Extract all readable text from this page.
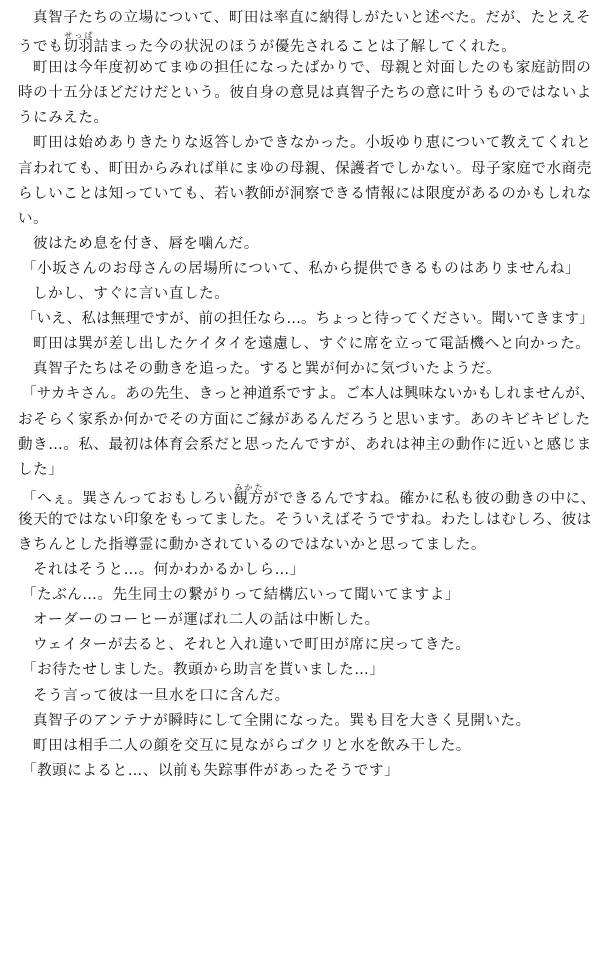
真智子たちの立場について、町田は率直に納得しがたいと述べた。だが、たとえそ
うでも切羽せっぱ詰まった今の状況のほうが優先されることは了解してくれた。
町田は今年度初めてまゆの担任になったばかりで、母親と対面したのも家庭訪問の
時の十五分ほどだけだという。彼自身の意見は真智子たちの意に叶うものではないよ
うにみえた。
町田は始めありきたりな返答しかできなかった。小坂ゆり恵について教えてくれと
言われても、町田からみれば単にまゆの母親、保護者でしかない。母子家庭で水商売
らしいことは知っていても、若い教師が洞察できる情報には限度があるのかもしれな
い。
彼はため息を付き、唇を噛んだ。
「小坂さんのお母さんの居場所について、私から提供できるものはありませんね」
しかし、すぐに言い直した。
「いえ、私は無理ですが、前の担任なら…。ちょっと待ってください。聞いてきます」
町田は巽が差し出したケイタイを遠慮し、すぐに席を立って電話機へと向かった。
真智子たちはその動きを追った。すると巽が何かに気づいたようだ。
「サカキさん。あの先生、きっと神道系ですよ。ご本人は興味ないかもしれませんが、
おそらく家系か何かでその方面にご縁があるんだろうと思います。あのキビキビした
動き…。私、最初は体育会系だと思ったんですが、あれは神主の動作に近いと感じま
した」
「へぇ。巽さんっておもしろい観方みかたができるんですね。確かに私も彼の動きの中に、
後天的ではない印象をもってました。そういえばそうですね。わたしはむしろ、彼は
きちんとした指導霊に動かされているのではないかと思ってました。
それはそうと…。何かわかるかしら…」
「たぶん…。先生同士の繋がりって結構広いって聞いてますよ」
オーダーのコーヒーが運ばれ二人の話は中断した。
ウェイターが去ると、それと入れ違いで町田が席に戻ってきた。
「お待たせしました。教頭から助言を貰いました…」
そう言って彼は一旦水を口に含んだ。
真智子のアンテナが瞬時にして全開になった。巽も目を大きく見開いた。
町田は相手二人の顔を交互に見ながらゴクリと水を飲み干した。
「教頭によると…、以前も失踪事件があったそうです」
